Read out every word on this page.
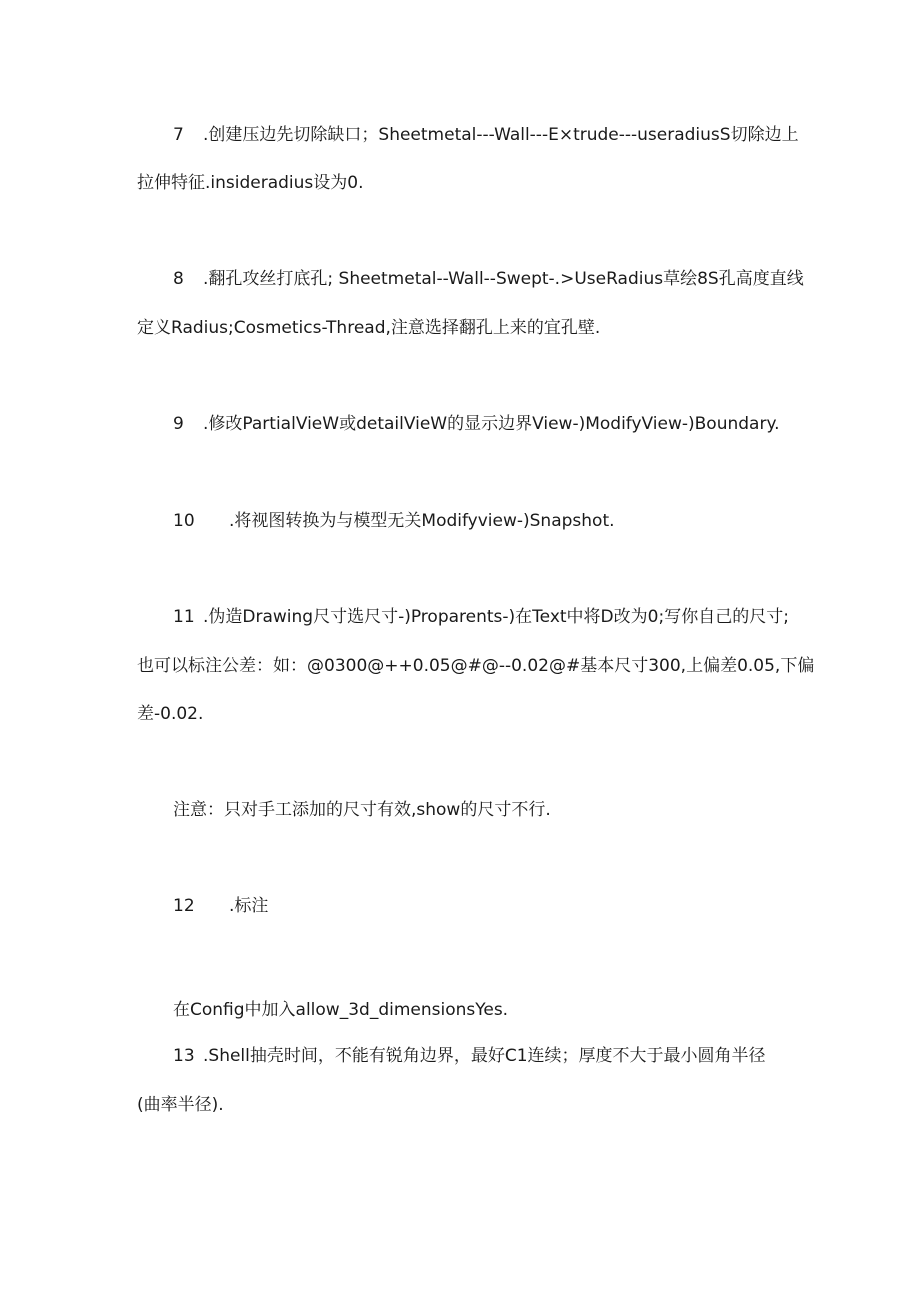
7 .创建压边先切除缺口；Sheetmetal---Wall---E×trude---useradiusS切除边上
拉伸特征.insideradius设为0.
8 .翻孔攻丝打底孔; Sheetmetal--Wall--Swept-.>UseRadius草绘8S孔高度直线
定义Radius;Cosmetics-Thread,注意选择翻孔上来的宜孔壁.
9 .修改PartialVieW或detailVieW的显示边界View-)ModifyView-)Boundary.
10 .将视图转换为与模型无关Modifyview-)Snapshot.
11 .伪造Drawing尺寸选尺寸-)Proparents-)在Text中将D改为0;写你自己的尺寸;
也可以标注公差：如：@0300@++0.05@#@--0.02@#基本尺寸300,上偏差0.05,下偏
差-0.02.
注意：只对手工添加的尺寸有效,show的尺寸不行.
12 .标注
在Config中加入allow_3d_dimensionsYes.
13 .Shell抽壳时间，不能有锐角边界，最好C1连续；厚度不大于最小圆角半径
(曲率半径).
